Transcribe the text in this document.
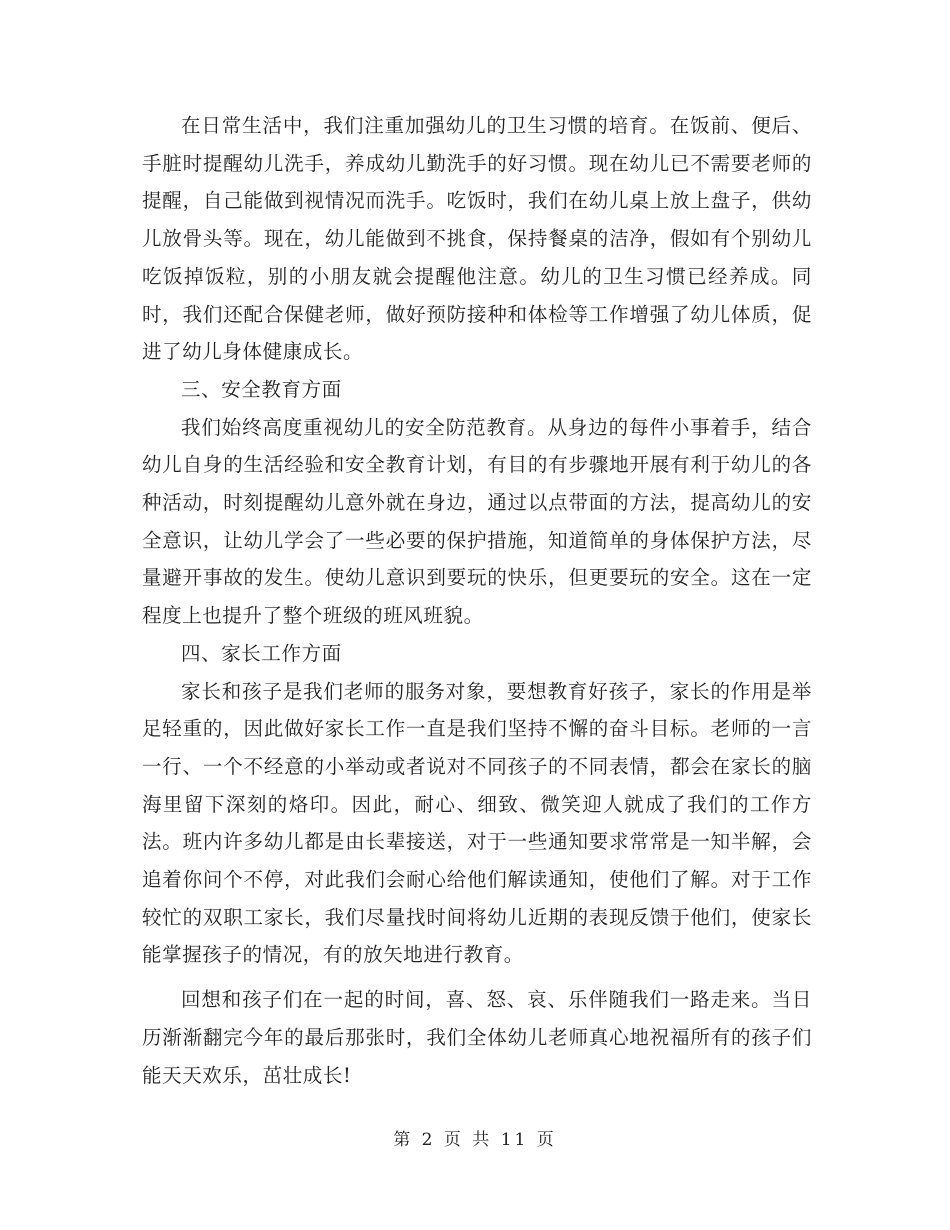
在日常生活中，我们注重加强幼儿的卫生习惯的培育。在饭前、便后、手脏时提醒幼儿洗手，养成幼儿勤洗手的好习惯。现在幼儿已不需要老师的提醒，自己能做到视情况而洗手。吃饭时，我们在幼儿桌上放上盘子，供幼儿放骨头等。现在，幼儿能做到不挑食，保持餐桌的洁净，假如有个别幼儿吃饭掉饭粒，别的小朋友就会提醒他注意。幼儿的卫生习惯已经养成。同时，我们还配合保健老师，做好预防接种和体检等工作增强了幼儿体质，促进了幼儿身体健康成长。

三、安全教育方面

我们始终高度重视幼儿的安全防范教育。从身边的每件小事着手，结合幼儿自身的生活经验和安全教育计划，有目的有步骤地开展有利于幼儿的各种活动，时刻提醒幼儿意外就在身边，通过以点带面的方法，提高幼儿的安全意识，让幼儿学会了一些必要的保护措施，知道简单的身体保护方法，尽量避开事故的发生。使幼儿意识到要玩的快乐，但更要玩的安全。这在一定程度上也提升了整个班级的班风班貌。

四、家长工作方面

家长和孩子是我们老师的服务对象，要想教育好孩子，家长的作用是举足轻重的，因此做好家长工作一直是我们坚持不懈的奋斗目标。老师的一言一行、一个不经意的小举动或者说对不同孩子的不同表情，都会在家长的脑海里留下深刻的烙印。因此，耐心、细致、微笑迎人就成了我们的工作方法。班内许多幼儿都是由长辈接送，对于一些通知要求常常是一知半解，会追着你问个不停，对此我们会耐心给他们解读通知，使他们了解。对于工作较忙的双职工家长，我们尽量找时间将幼儿近期的表现反馈于他们，使家长能掌握孩子的情况，有的放矢地进行教育。

回想和孩子们在一起的时间，喜、怒、哀、乐伴随我们一路走来。当日历渐渐翻完今年的最后那张时，我们全体幼儿老师真心地祝福所有的孩子们能天天欢乐，茁壮成长!

第 2 页 共 11 页
